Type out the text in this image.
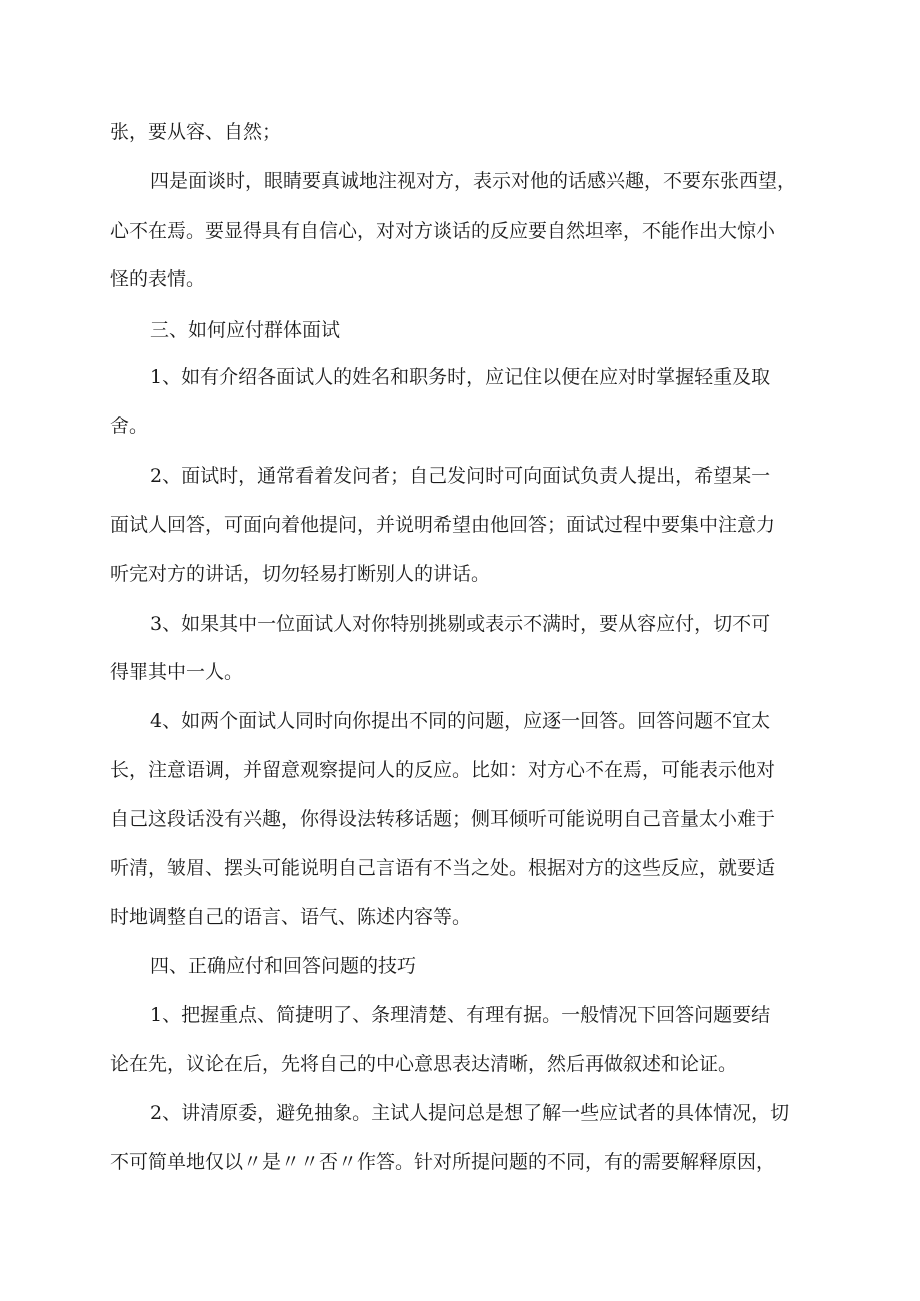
张，要从容、自然；
四是面谈时，眼睛要真诚地注视对方，表示对他的话感兴趣，不要东张西望，
心不在焉。要显得具有自信心，对对方谈话的反应要自然坦率，不能作出大惊小
怪的表情。
三、如何应付群体面试
1、如有介绍各面试人的姓名和职务时，应记住以便在应对时掌握轻重及取
舍。
2、面试时，通常看着发问者；自己发问时可向面试负责人提出，希望某一
面试人回答，可面向着他提问，并说明希望由他回答；面试过程中要集中注意力
听完对方的讲话，切勿轻易打断别人的讲话。
3、如果其中一位面试人对你特别挑剔或表示不满时，要从容应付，切不可
得罪其中一人。
4、如两个面试人同时向你提出不同的问题，应逐一回答。回答问题不宜太
长，注意语调，并留意观察提问人的反应。比如：对方心不在焉，可能表示他对
自己这段话没有兴趣，你得设法转移话题；侧耳倾听可能说明自己音量太小难于
听清，皱眉、摆头可能说明自己言语有不当之处。根据对方的这些反应，就要适
时地调整自己的语言、语气、陈述内容等。
四、正确应付和回答问题的技巧
1、把握重点、简捷明了、条理清楚、有理有据。一般情况下回答问题要结
论在先，议论在后，先将自己的中心意思表达清晰，然后再做叙述和论证。
2、讲清原委，避免抽象。主试人提问总是想了解一些应试者的具体情况，切
不可简单地仅以〃是〃〃否〃作答。针对所提问题的不同，有的需要解释原因，
